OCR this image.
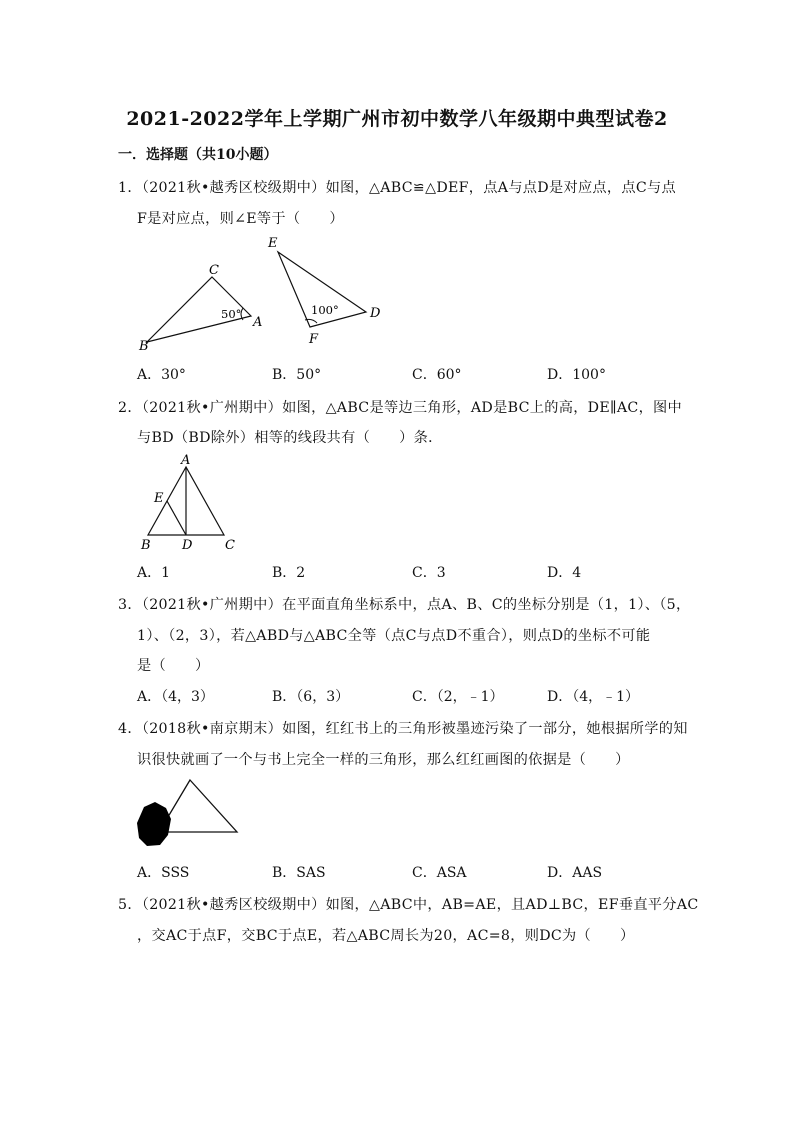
2021-2022学年上学期广州市初中数学八年级期中典型试卷2
一．选择题（共10小题）
1．（2021秋•越秀区校级期中）如图，△ABC≌△DEF，点A与点D是对应点，点C与点
F是对应点，则∠E等于（　　）
C
A
B
50°
E
D
F
100°
A．30°	B．50°	C．60°	D．100°
2．（2021秋•广州期中）如图，△ABC是等边三角形，AD是BC上的高，DE∥AC，图中
与BD（BD除外）相等的线段共有（　　）条．
A
E
B D	C
A．1	B．2	C．3	D．4
3．（2021秋•广州期中）在平面直角坐标系中，点A、B、C的坐标分别是（1，1）、（5，
1）、（2，3），若△ABD与△ABC全等（点C与点D不重合），则点D的坐标不可能
是（　　）
A．（4，3）	B．（6，3）	C．（2，﹣1）	D．（4，﹣1）
4．（2018秋•南京期末）如图，红红书上的三角形被墨迹污染了一部分，她根据所学的知
识很快就画了一个与书上完全一样的三角形，那么红红画图的依据是（　　）
A．SSS	B．SAS	C．ASA	D．AAS
5．（2021秋•越秀区校级期中）如图，△ABC中，AB=AE，且AD⊥BC，EF垂直平分AC
，交AC于点F，交BC于点E，若△ABC周长为20，AC=8，则DC为（　　）
